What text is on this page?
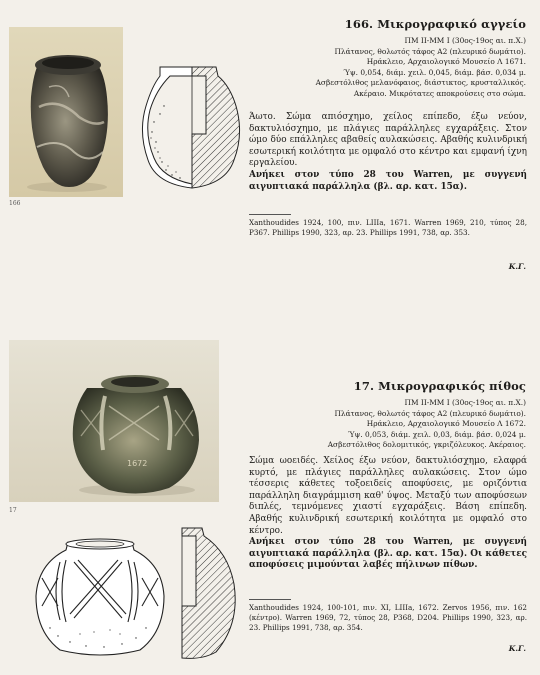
166
166. Μικρογραφικό αγγείο
ΠΜ ΙΙ-ΜΜ Ι (30ος-19ος αι. π.Χ.)
Πλάτανος, θολωτός τάφος Α2 (πλευρικό δωμάτιο).
Ηράκλειο, Αρχαιολογικό Μουσείο Λ 1671.
Ύψ. 0,054, διάμ. χειλ. 0,045, διάμ. βάσ. 0,034 μ.
Ασβεστόλιθος μελανόφαιος, διάστικτος, κρυσταλλικός.
Ακέραιο. Μικρότατες αποκρούσεις στο σώμα.

Άωτο. Σώμα απιόσχημο, χείλος επίπεδο, έξω νεύον, δακτυλιόσχημο, με πλάγιες παράλληλες εγχαράξεις. Στον ώμο δύο επάλληλες αβαθείς αυλακώσεις. Αβαθής κυλινδρική εσωτερική κοιλότητα με ομφαλό στο κέντρο και εμφανή ίχνη εργαλείου.

Ανήκει στον τύπο 28 του Warren, με συγγενή αιγυπτιακά παράλληλα (βλ. αρ. κατ. 15α).

Xanthoudides 1924, 100, πιν. LIIIa, 1671. Warren 1969, 210, τύπος 28, P367. Phillips 1990, 323, αρ. 23. Phillips 1991, 738, αρ. 353.
Κ.Γ.
1672
17
17. Μικρογραφικός πίθος
ΠΜ ΙΙ-ΜΜ Ι (30ος-19ος αι. π.Χ.)
Πλάτανος, θολωτός τάφος Α2 (πλευρικό δωμάτιο).
Ηράκλειο, Αρχαιολογικό Μουσείο Λ 1672.
Ύψ. 0,053, διάμ. χειλ. 0,03, διάμ. βάσ. 0,024 μ.
Ασβεστόλιθος δολομιτικός, γκριζόλευκος. Ακέραιος.

Σώμα ωοειδές. Χείλος έξω νεύον, δακτυλιόσχημο, ελαφρά κυρτό, με πλάγιες παράλληλες αυλακώσεις. Στον ώμο τέσσερις κάθετες τοξοειδείς αποφύσεις, με οριζόντια παράλληλη διαγράμμιση καθ' ύψος. Μεταξύ των αποφύσεων διπλές, τεμνόμενες χιαστί εγχαράξεις. Βάση επίπεδη. Αβαθής κυλινδρική εσωτερική κοιλότητα με ομφαλό στο κέντρο.

Ανήκει στον τύπο 28 του Warren, με συγγενή αιγυπτιακά παράλληλα (βλ. αρ. κατ. 15α). Οι κάθετες αποφύσεις μιμούνται λαβές πήλινων πίθων.

Xanthoudides 1924, 100-101, πιν. XI, LIIIa, 1672. Zervos 1956, πιν. 162 (κέντρο). Warren 1969, 72, τύπος 28, P368, D204. Phillips 1990, 323, αρ. 23. Phillips 1991, 738, αρ. 354.
Κ.Γ.
